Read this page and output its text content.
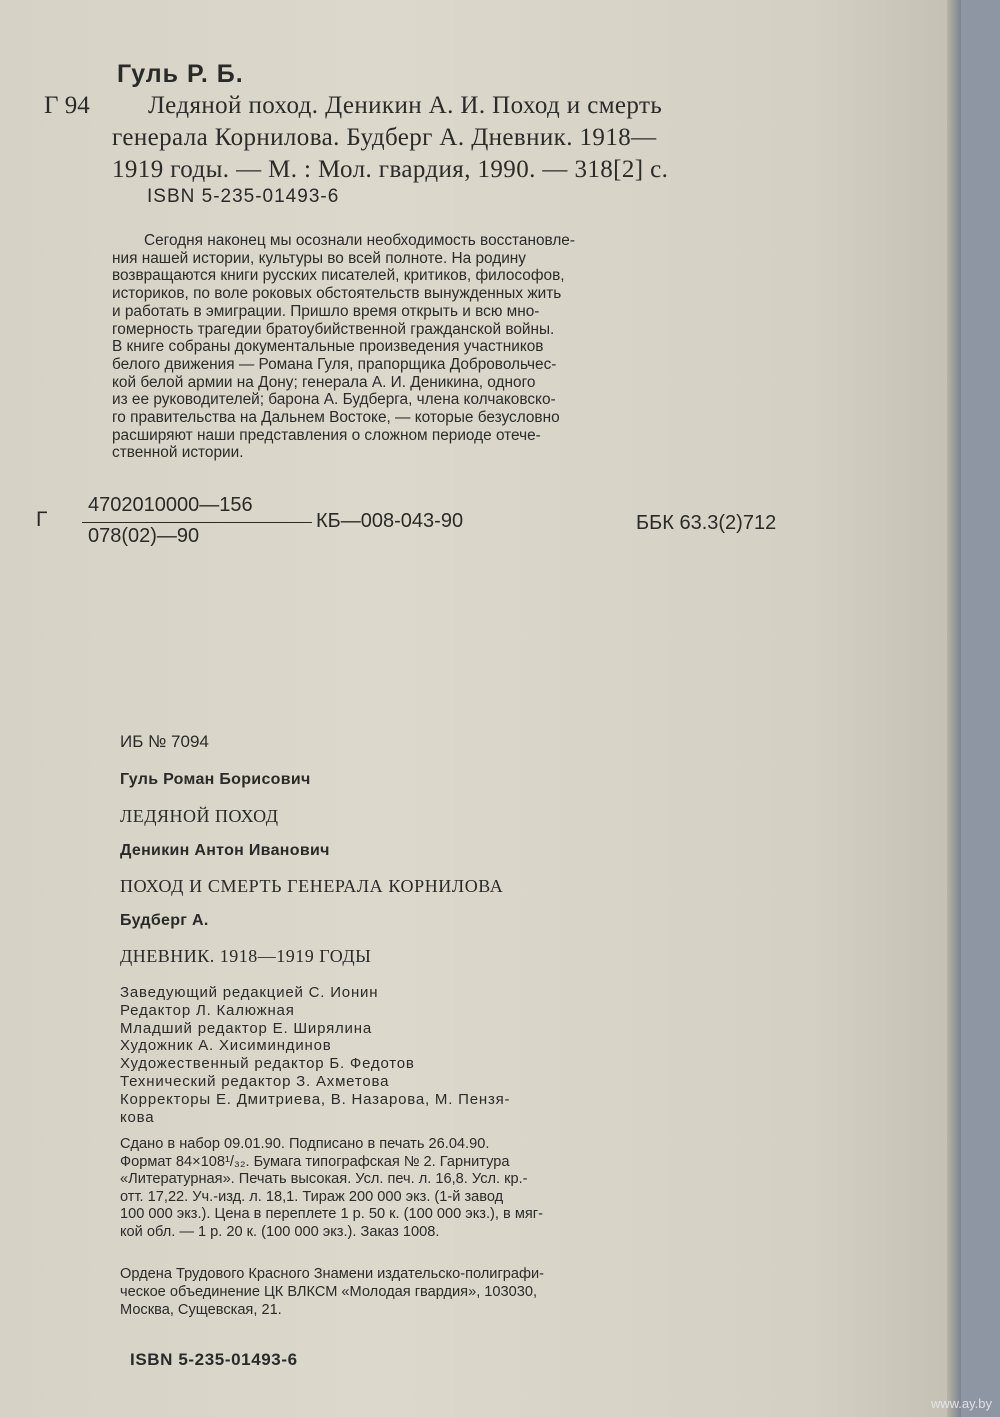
Гуль Р. Б.
Г 94	Ледяной поход. Деникин А. И. Поход и смерть
генерала Корнилова. Будберг А. Дневник. 1918—
1919 годы. — М. : Мол. гвардия, 1990. — 318[2] с.
ISBN 5-235-01493-6
Сегодня наконец мы осознали необходимость восстановле-
ния нашей истории, культуры во всей полноте. На родину
возвращаются книги русских писателей, критиков, философов,
историков, по воле роковых обстоятельств вынужденных жить
и работать в эмиграции. Пришло время открыть и всю мно-
гомерность трагедии братоубийственной гражданской войны.
В книге собраны документальные произведения участников
белого движения — Романа Гуля, прапорщика Добровольчес-
кой белой армии на Дону; генерала А. И. Деникина, одного
из ее руководителей; барона А. Будберга, члена колчаковско-
го правительства на Дальнем Востоке, — которые безусловно
расширяют наши представления о сложном периоде отече-
ственной истории.
Г
4702010000—156
078(02)—90
КБ—008-043-90	ББК 63.3(2)712
ИБ № 7094
Гуль Роман Борисович
ЛЕДЯНОЙ ПОХОД
Деникин Антон Иванович
ПОХОД И СМЕРТЬ ГЕНЕРАЛА КОРНИЛОВА
Будберг А.
ДНЕВНИК. 1918—1919 ГОДЫ
Заведующий редакцией С. Ионин
Редактор Л. Калюжная
Младший редактор Е. Ширялина
Художник А. Хисиминдинов
Художественный редактор Б. Федотов
Технический редактор З. Ахметова
Корректоры Е. Дмитриева, В. Назарова, М. Пензя-
кова
Сдано в набор 09.01.90. Подписано в печать 26.04.90.
Формат 84×108¹/₃₂. Бумага типографская № 2. Гарнитура
«Литературная». Печать высокая. Усл. печ. л. 16,8. Усл. кр.-
отт. 17,22. Уч.-изд. л. 18,1. Тираж 200 000 экз. (1-й завод
100 000 экз.). Цена в переплете 1 р. 50 к. (100 000 экз.), в мяг-
кой обл. — 1 р. 20 к. (100 000 экз.). Заказ 1008.
Ордена Трудового Красного Знамени издательско-полиграфи-
ческое объединение ЦК ВЛКСМ «Молодая гвардия», 103030,
Москва, Сущевская, 21.
ISBN 5-235-01493-6
www.ay.by
